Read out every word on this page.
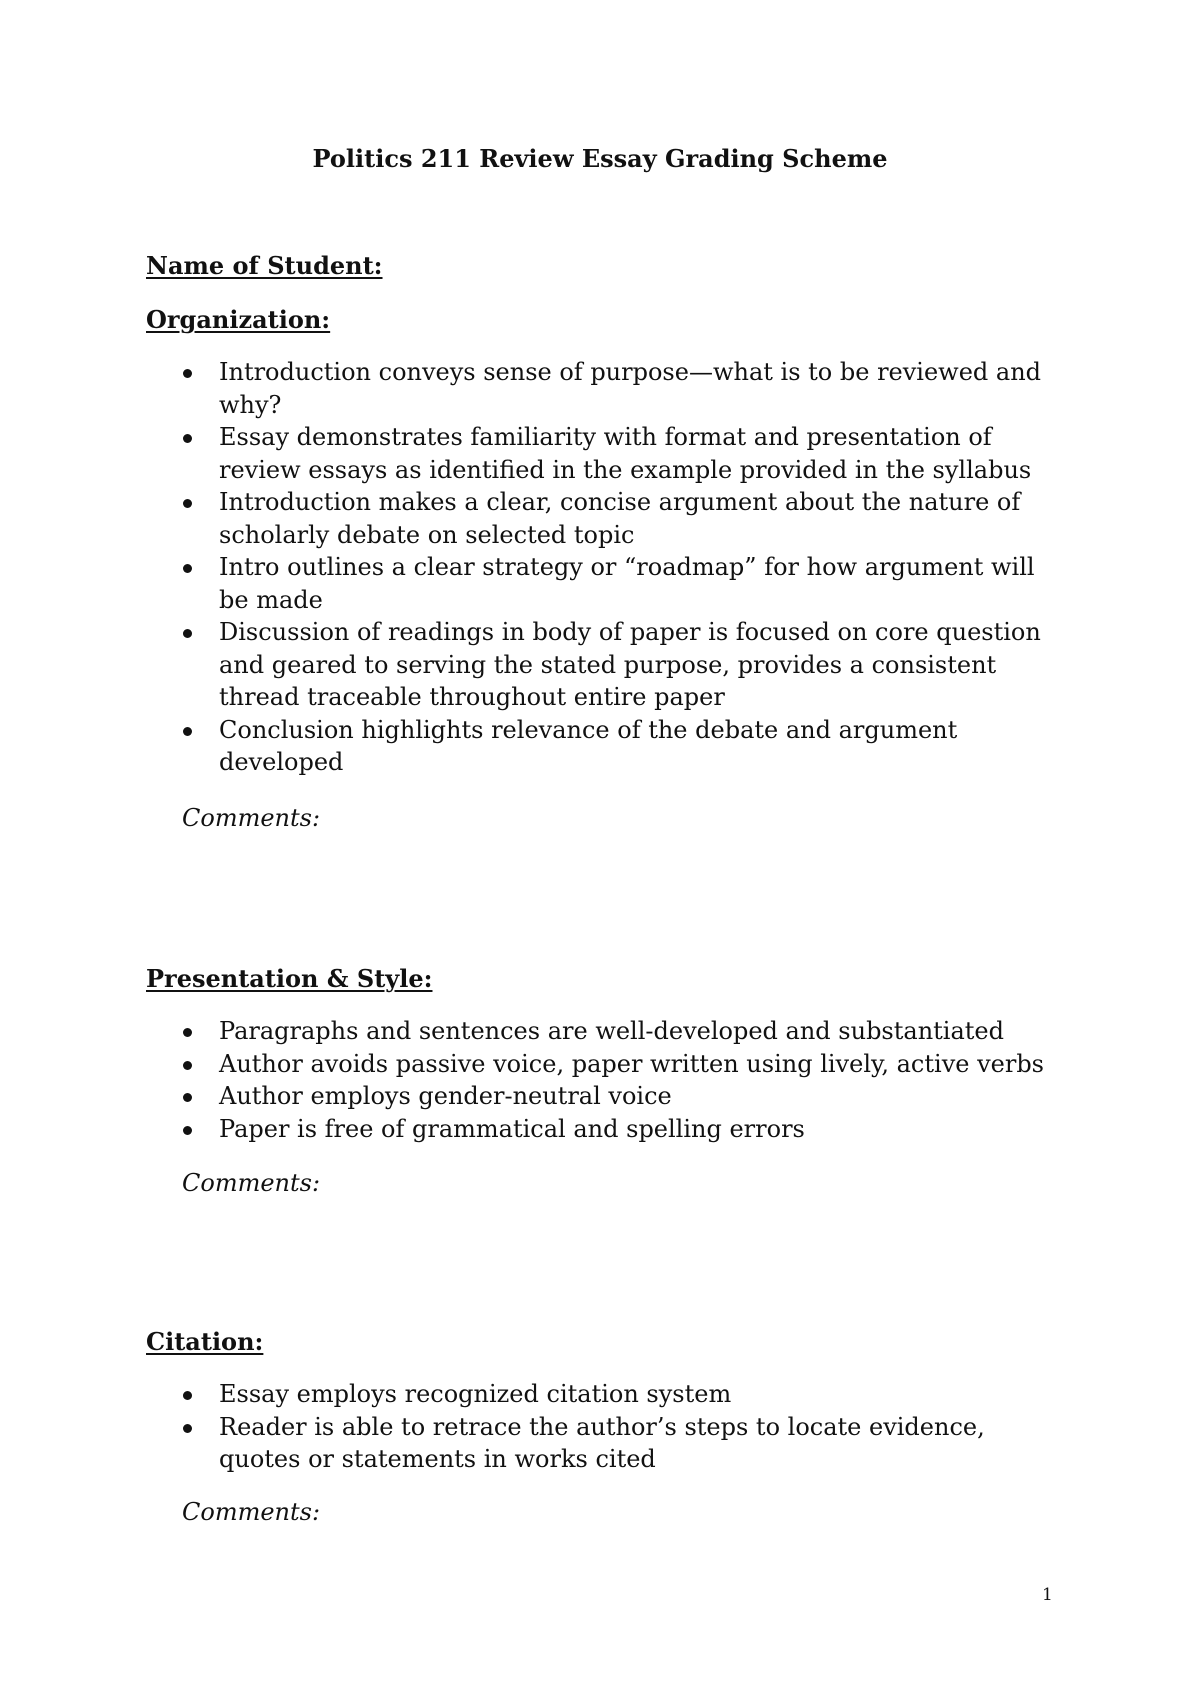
Politics 211 Review Essay Grading Scheme
Name of Student:
Organization:
Introduction conveys sense of purpose—what is to be reviewed and why?
Essay demonstrates familiarity with format and presentation of review essays as identified in the example provided in the syllabus
Introduction makes a clear, concise argument about the nature of scholarly debate on selected topic
Intro outlines a clear strategy or “roadmap” for how argument will be made
Discussion of readings in body of paper is focused on core question and geared to serving the stated purpose, provides a consistent thread traceable throughout entire paper
Conclusion highlights relevance of the debate and argument developed
Comments:
Presentation & Style:
Paragraphs and sentences are well-developed and substantiated
Author avoids passive voice, paper written using lively, active verbs
Author employs gender-neutral voice
Paper is free of grammatical and spelling errors
Comments:
Citation:
Essay employs recognized citation system
Reader is able to retrace the author’s steps to locate evidence, quotes or statements in works cited
Comments:
1
